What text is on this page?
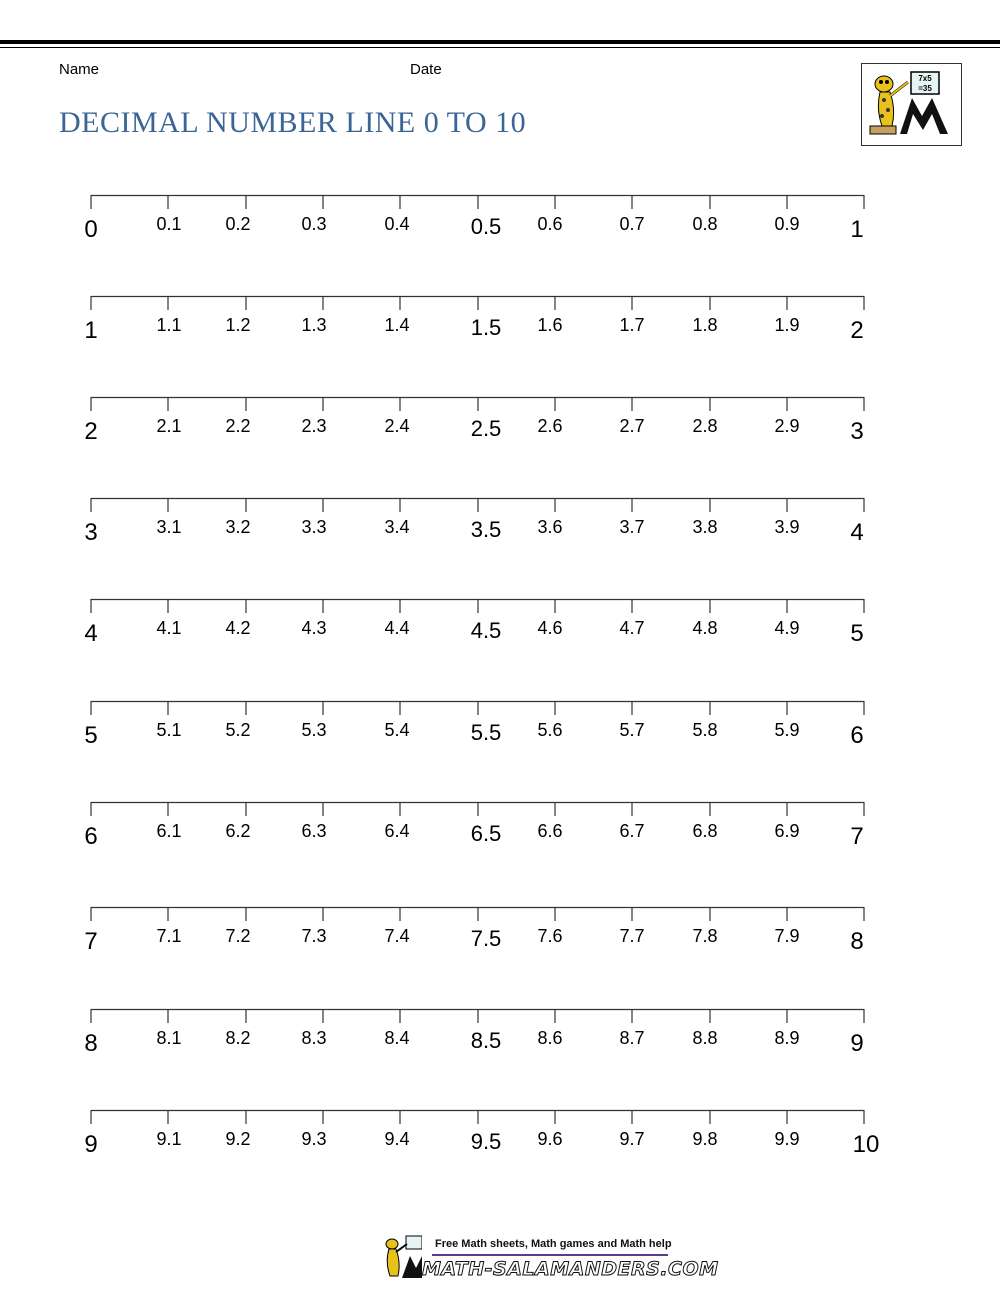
Name	Date
DECIMAL NUMBER LINE 0 TO 10
7x5
=35
0	1
0.5
0.1 0.2	0.3	0.4	0.6	0.7	0.8	0.9
1	2
1.5
1.1 1.2	1.3	1.4	1.6	1.7	1.8	1.9
2	3
2.5
2.1 2.2	2.3	2.4	2.6	2.7	2.8	2.9
3	4
3.5
3.1 3.2	3.3	3.4	3.6	3.7	3.8	3.9
4	5
4.5
4.1 4.2	4.3	4.4	4.6	4.7	4.8	4.9
5	6
5.5
5.1 5.2	5.3	5.4	5.6	5.7	5.8	5.9
6	7
6.5
6.1 6.2	6.3	6.4	6.6	6.7	6.8	6.9
7	8
7.5
7.1 7.2	7.3	7.4	7.6	7.7	7.8	7.9
8	9
8.5
8.1 8.2	8.3	8.4	8.6	8.7	8.8	8.9
9	10
9.5
9.1 9.2	9.3	9.4	9.6	9.7	9.8	9.9
Free Math sheets, Math games and Math help
MATH-SALAMANDERS.COM
